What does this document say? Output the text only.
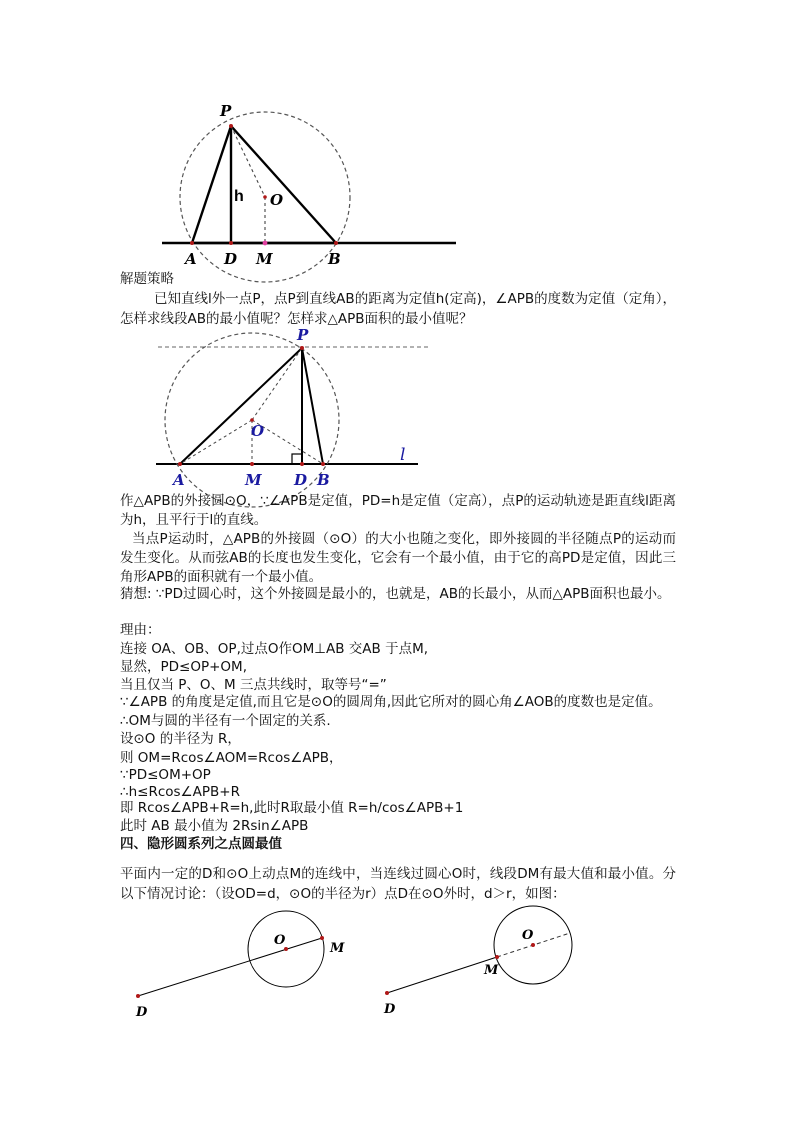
P
h O
A D M	B
P
O
A	M D B
l
O
M
D
O
M
D
解题策略
已知直线l外一点P，点P到直线AB的距离为定值h(定高)，∠APB的度数为定值（定角），怎样求线段AB的最小值呢？怎样求△APB面积的最小值呢？
作△APB的外接圆⊙O，∵∠APB是定值，PD=h是定值（定高），点P的运动轨迹是距直线l距离为h，且平行于l的直线。
当点P运动时，△APB的外接圆（⊙O）的大小也随之变化，即外接圆的半径随点P的运动而发生变化。从而弦AB的长度也发生变化，它会有一个最小值，由于它的高PD是定值，因此三角形APB的面积就有一个最小值。
猜想: ∵PD过圆心时，这个外接圆是最小的，也就是，AB的长最小，从而△APB面积也最小。
理由：
连接 OA、OB、OP,过点O作OM⊥AB 交AB 于点M,
显然，PD≤OP+OM,
当且仅当 P、O、M 三点共线时，取等号“=”
∵∠APB 的角度是定值,而且它是⊙O的圆周角,因此它所对的圆心角∠AOB的度数也是定值。
∴OM与圆的半径有一个固定的关系.
设⊙O 的半径为 R，
则 OM=Rcos∠AOM=Rcos∠APB，
∵PD≤OM+OP
∴h≤Rcos∠APB+R
即 Rcos∠APB+R=h,此时R取最小值 R=h/cos∠APB+1
此时 AB 最小值为 2Rsin∠APB
四、隐形圆系列之点圆最值
平面内一定的D和⊙O上动点M的连线中，当连线过圆心O时，线段DM有最大值和最小值。分以下情况讨论：（设OD=d，⊙O的半径为r）点D在⊙O外时，d＞r，如图：
